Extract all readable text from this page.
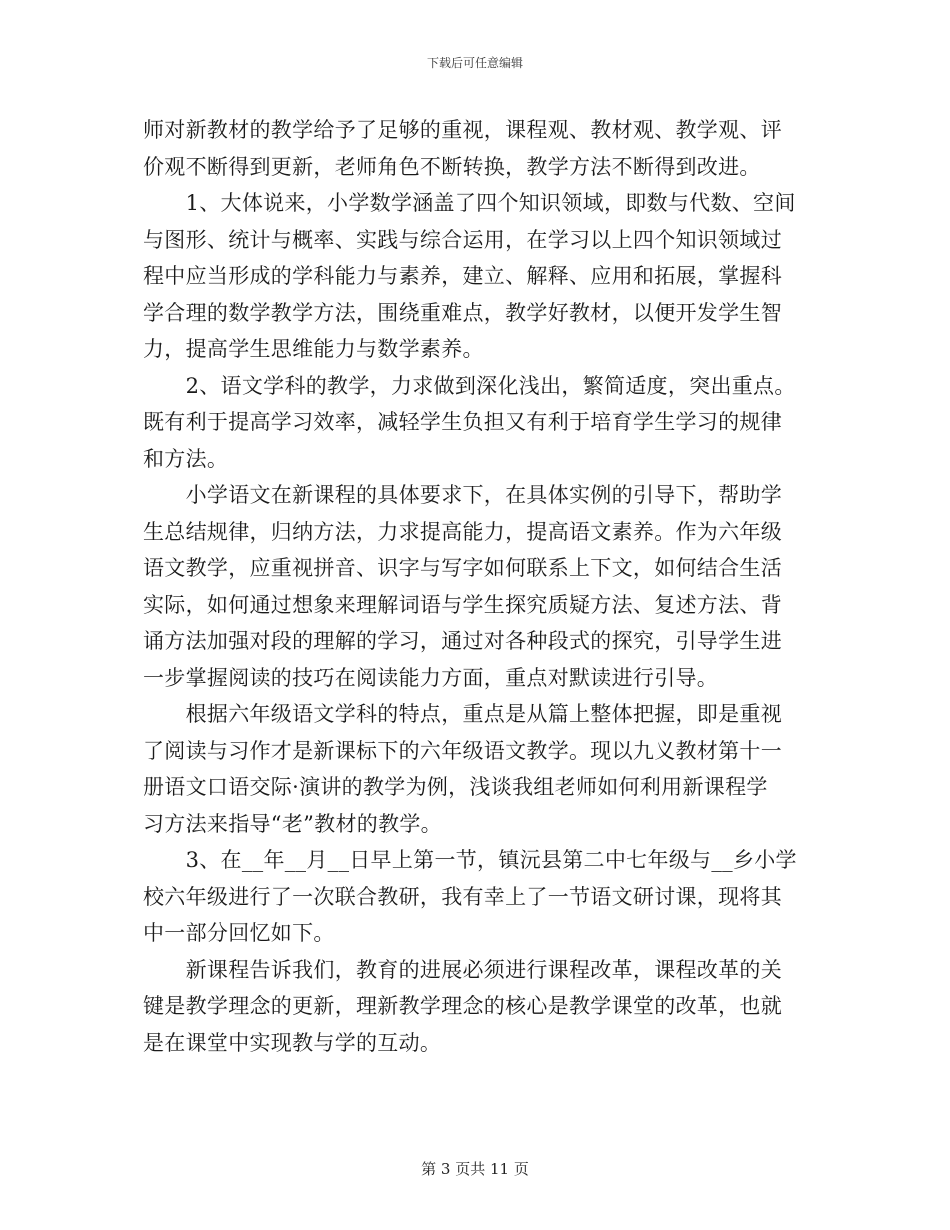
下载后可任意编辑
师对新教材的教学给予了足够的重视，课程观、教材观、教学观、评
价观不断得到更新，老师角色不断转换，教学方法不断得到改进。
　　1、大体说来，小学数学涵盖了四个知识领域，即数与代数、空间
与图形、统计与概率、实践与综合运用，在学习以上四个知识领域过
程中应当形成的学科能力与素养，建立、解释、应用和拓展，掌握科
学合理的数学教学方法，围绕重难点，教学好教材，以便开发学生智
力，提高学生思维能力与数学素养。
　　2、语文学科的教学，力求做到深化浅出，繁简适度，突出重点。
既有利于提高学习效率，减轻学生负担又有利于培育学生学习的规律
和方法。
　　小学语文在新课程的具体要求下，在具体实例的引导下，帮助学
生总结规律，归纳方法，力求提高能力，提高语文素养。作为六年级
语文教学，应重视拼音、识字与写字如何联系上下文，如何结合生活
实际，如何通过想象来理解词语与学生探究质疑方法、复述方法、背
诵方法加强对段的理解的学习，通过对各种段式的探究，引导学生进
一步掌握阅读的技巧在阅读能力方面，重点对默读进行引导。
　　根据六年级语文学科的特点，重点是从篇上整体把握，即是重视
了阅读与习作才是新课标下的六年级语文教学。现以九义教材第十一
册语文口语交际·演讲的教学为例，浅谈我组老师如何利用新课程学
习方法来指导“老”教材的教学。
　　3、在__年__月__日早上第一节，镇沅县第二中七年级与__乡小学
校六年级进行了一次联合教研，我有幸上了一节语文研讨课，现将其
中一部分回忆如下。
　　新课程告诉我们，教育的进展必须进行课程改革，课程改革的关
键是教学理念的更新，理新教学理念的核心是教学课堂的改革，也就
是在课堂中实现教与学的互动。
第 3 页共 11 页
